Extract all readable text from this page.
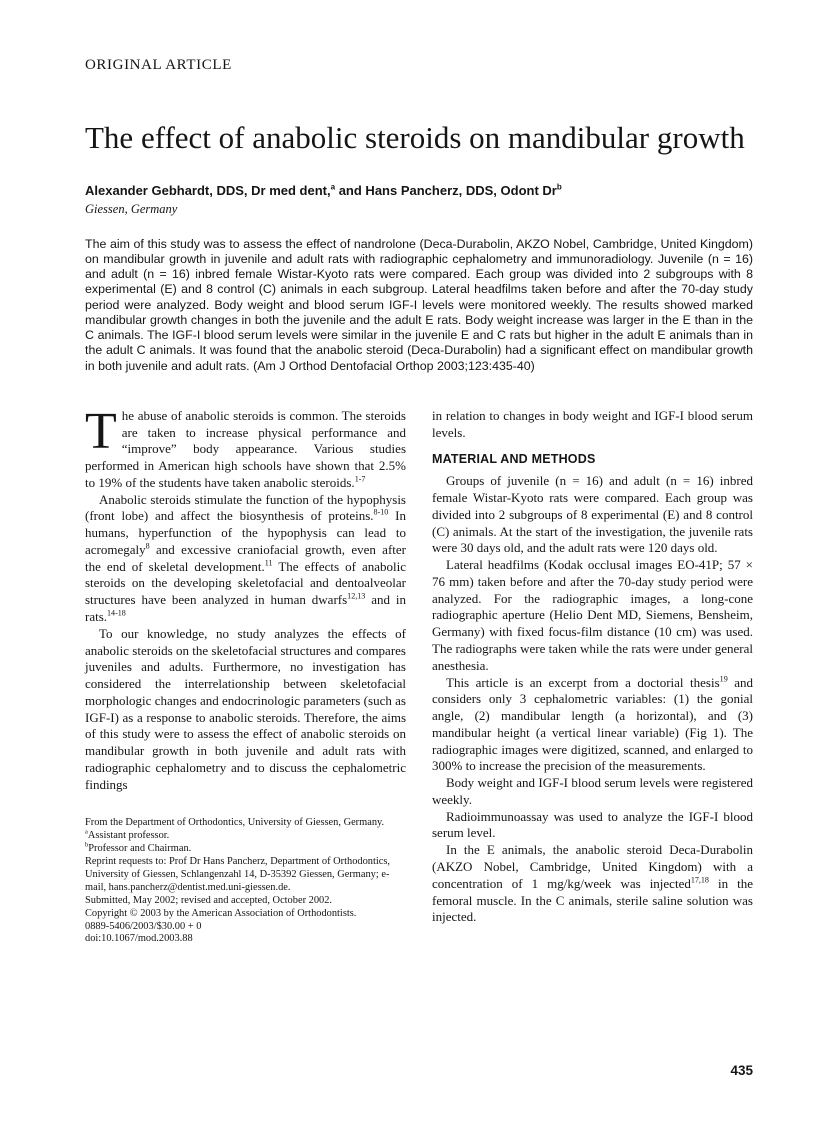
ORIGINAL ARTICLE
The effect of anabolic steroids on mandibular growth
Alexander Gebhardt, DDS, Dr med dent,$^a$ and Hans Pancherz, DDS, Odont Dr$^b$
Giessen, Germany
The aim of this study was to assess the effect of nandrolone (Deca-Durabolin, AKZO Nobel, Cambridge, United Kingdom) on mandibular growth in juvenile and adult rats with radiographic cephalometry and immunoradiology. Juvenile (n = 16) and adult (n = 16) inbred female Wistar-Kyoto rats were compared. Each group was divided into 2 subgroups with 8 experimental (E) and 8 control (C) animals in each subgroup. Lateral headfilms taken before and after the 70-day study period were analyzed. Body weight and blood serum IGF-I levels were monitored weekly. The results showed marked mandibular growth changes in both the juvenile and the adult E rats. Body weight increase was larger in the E than in the C animals. The IGF-I blood serum levels were similar in the juvenile E and C rats but higher in the adult E animals than in the adult C animals. It was found that the anabolic steroid (Deca-Durabolin) had a significant effect on mandibular growth in both juvenile and adult rats. (Am J Orthod Dentofacial Orthop 2003;123:435-40)

The abuse of anabolic steroids is common. The steroids are taken to increase physical performance and “improve” body appearance. Various studies performed in American high schools have shown that 2.5% to 19% of the students have taken anabolic steroids.$^{1-7}$

Anabolic steroids stimulate the function of the hypophysis (front lobe) and affect the biosynthesis of proteins.$^{8-10}$ In humans, hyperfunction of the hypophysis can lead to acromegaly$^8$ and excessive craniofacial growth, even after the end of skeletal development.$^{11}$ The effects of anabolic steroids on the developing skeletofacial and dentoalveolar structures have been analyzed in human dwarfs$^{12,13}$ and in rats.$^{14-18}$

To our knowledge, no study analyzes the effects of anabolic steroids on the skeletofacial structures and compares juveniles and adults. Furthermore, no investigation has considered the interrelationship between skeletofacial morphologic changes and endocrinologic parameters (such as IGF-I) as a response to anabolic steroids. Therefore, the aims of this study were to assess the effect of anabolic steroids on mandibular growth in both juvenile and adult rats with radiographic cephalometry and to discuss the cephalometric findings

From the Department of Orthodontics, University of Giessen, Germany.
$^a$Assistant professor.
$^b$Professor and Chairman.
Reprint requests to: Prof Dr Hans Pancherz, Department of Orthodontics, University of Giessen, Schlangenzahl 14, D-35392 Giessen, Germany; e-mail, hans.pancherz@dentist.med.uni-giessen.de.
Submitted, May 2002; revised and accepted, October 2002.
Copyright © 2003 by the American Association of Orthodontists.
0889-5406/2003/$30.00 + 0
doi:10.1067/mod.2003.88

in relation to changes in body weight and IGF-I blood serum levels.

MATERIAL AND METHODS

Groups of juvenile (n = 16) and adult (n = 16) inbred female Wistar-Kyoto rats were compared. Each group was divided into 2 subgroups of 8 experimental (E) and 8 control (C) animals. At the start of the investigation, the juvenile rats were 30 days old, and the adult rats were 120 days old.

Lateral headfilms (Kodak occlusal images EO-41P; 57 × 76 mm) taken before and after the 70-day study period were analyzed. For the radiographic images, a long-cone radiographic aperture (Helio Dent MD, Siemens, Bensheim, Germany) with fixed focus-film distance (10 cm) was used. The radiographs were taken while the rats were under general anesthesia.

This article is an excerpt from a doctorial thesis$^{19}$ and considers only 3 cephalometric variables: (1) the gonial angle, (2) mandibular length (a horizontal), and (3) mandibular height (a vertical linear variable) (Fig 1). The radiographic images were digitized, scanned, and enlarged to 300% to increase the precision of the measurements.

Body weight and IGF-I blood serum levels were registered weekly.

Radioimmunoassay was used to analyze the IGF-I blood serum level.

In the E animals, the anabolic steroid Deca-Durabolin (AKZO Nobel, Cambridge, United Kingdom) with a concentration of 1 mg/kg/week was injected$^{17,18}$ in the femoral muscle. In the C animals, sterile saline solution was injected.

435
